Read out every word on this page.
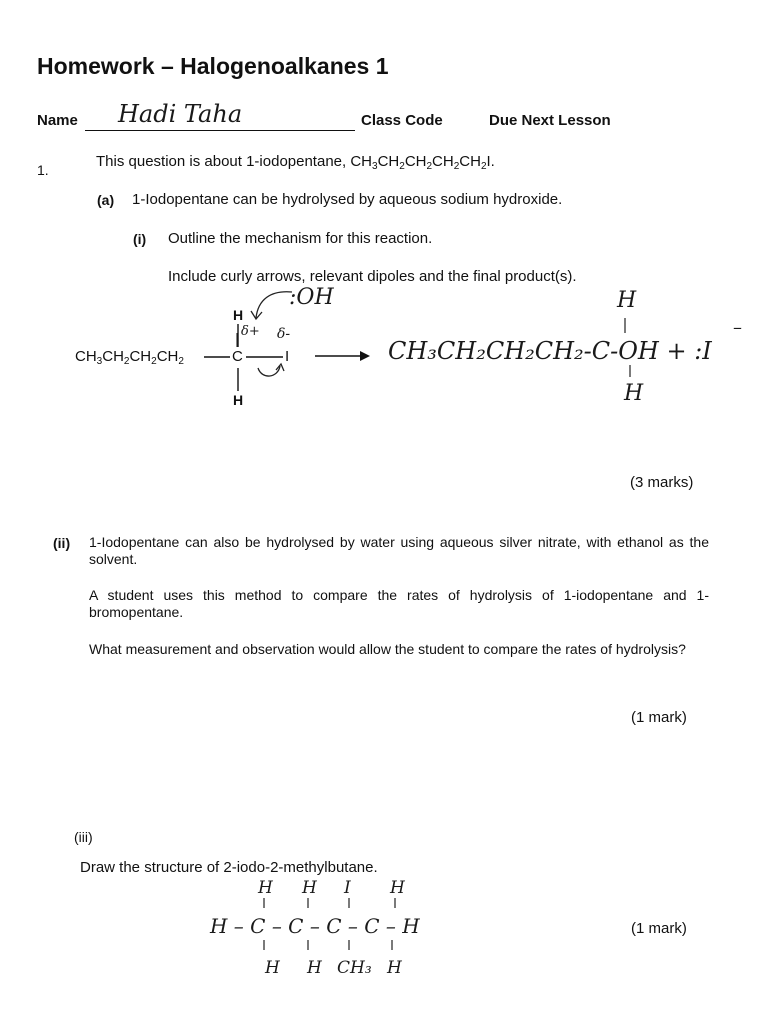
Homework – Halogenoalkanes 1
Name Hadi Taha	Class Code	Due Next Lesson
1.	This question is about 1-iodopentane, $CH_3CH_2CH_2CH_2CH_2I$.
(a) 1-Iodopentane can be hydrolysed by aqueous sodium hydroxide.
(i) Outline the mechanism for this reaction.
Include curly arrows, relevant dipoles and the final product(s).
H
$CH_3CH_2CH_2CH_2$	C	I
H
:OH
δ+ δ-
CH₃CH₂CH₂CH₂-C-OH + :I
H
H
–
(3 marks)
(ii) 1-Iodopentane can also be hydrolysed by water using aqueous silver nitrate, with ethanol as the solvent.
A student uses this method to compare the rates of hydrolysis of 1-iodopentane and 1-bromopentane.
What measurement and observation would allow the student to compare the rates of hydrolysis?
(1 mark)
(iii)
Draw the structure of 2-iodo-2-methylbutane.
H H I H
H – C – C – C – C – H
H H CH₃ H
(1 mark)
